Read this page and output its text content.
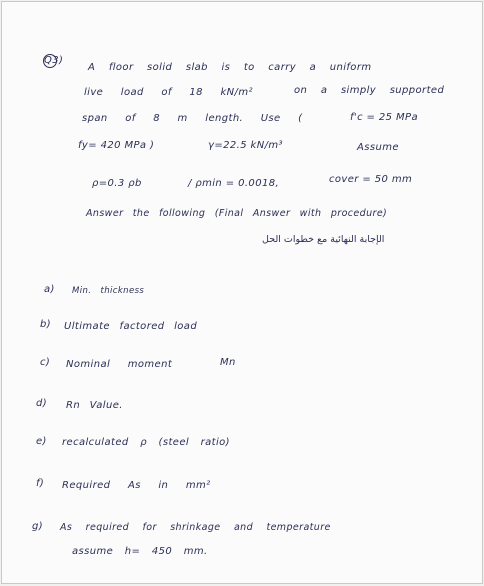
Q3)
A floor solid slab is to carry a uniform
live load of 18 kN/m²	on a simply supported
span of 8 m length. Use (	f'c = 25 MPa
fy= 420 MPa )	γ=22.5 kN/m³	Assume
ρ=0.3 ρb	/ ρmin = 0.0018,	cover = 50 mm
Answer the following (Final Answer with procedure)
الإجابة النهائية مع خطوات الحل
a) Min. thickness
b) Ultimate factored load
c) Nominal moment	Mn
d) Rn Value.
e) recalculated ρ (steel ratio)
f) Required As in mm²
g) As required for shrinkage and temperature
assume h= 450 mm.
